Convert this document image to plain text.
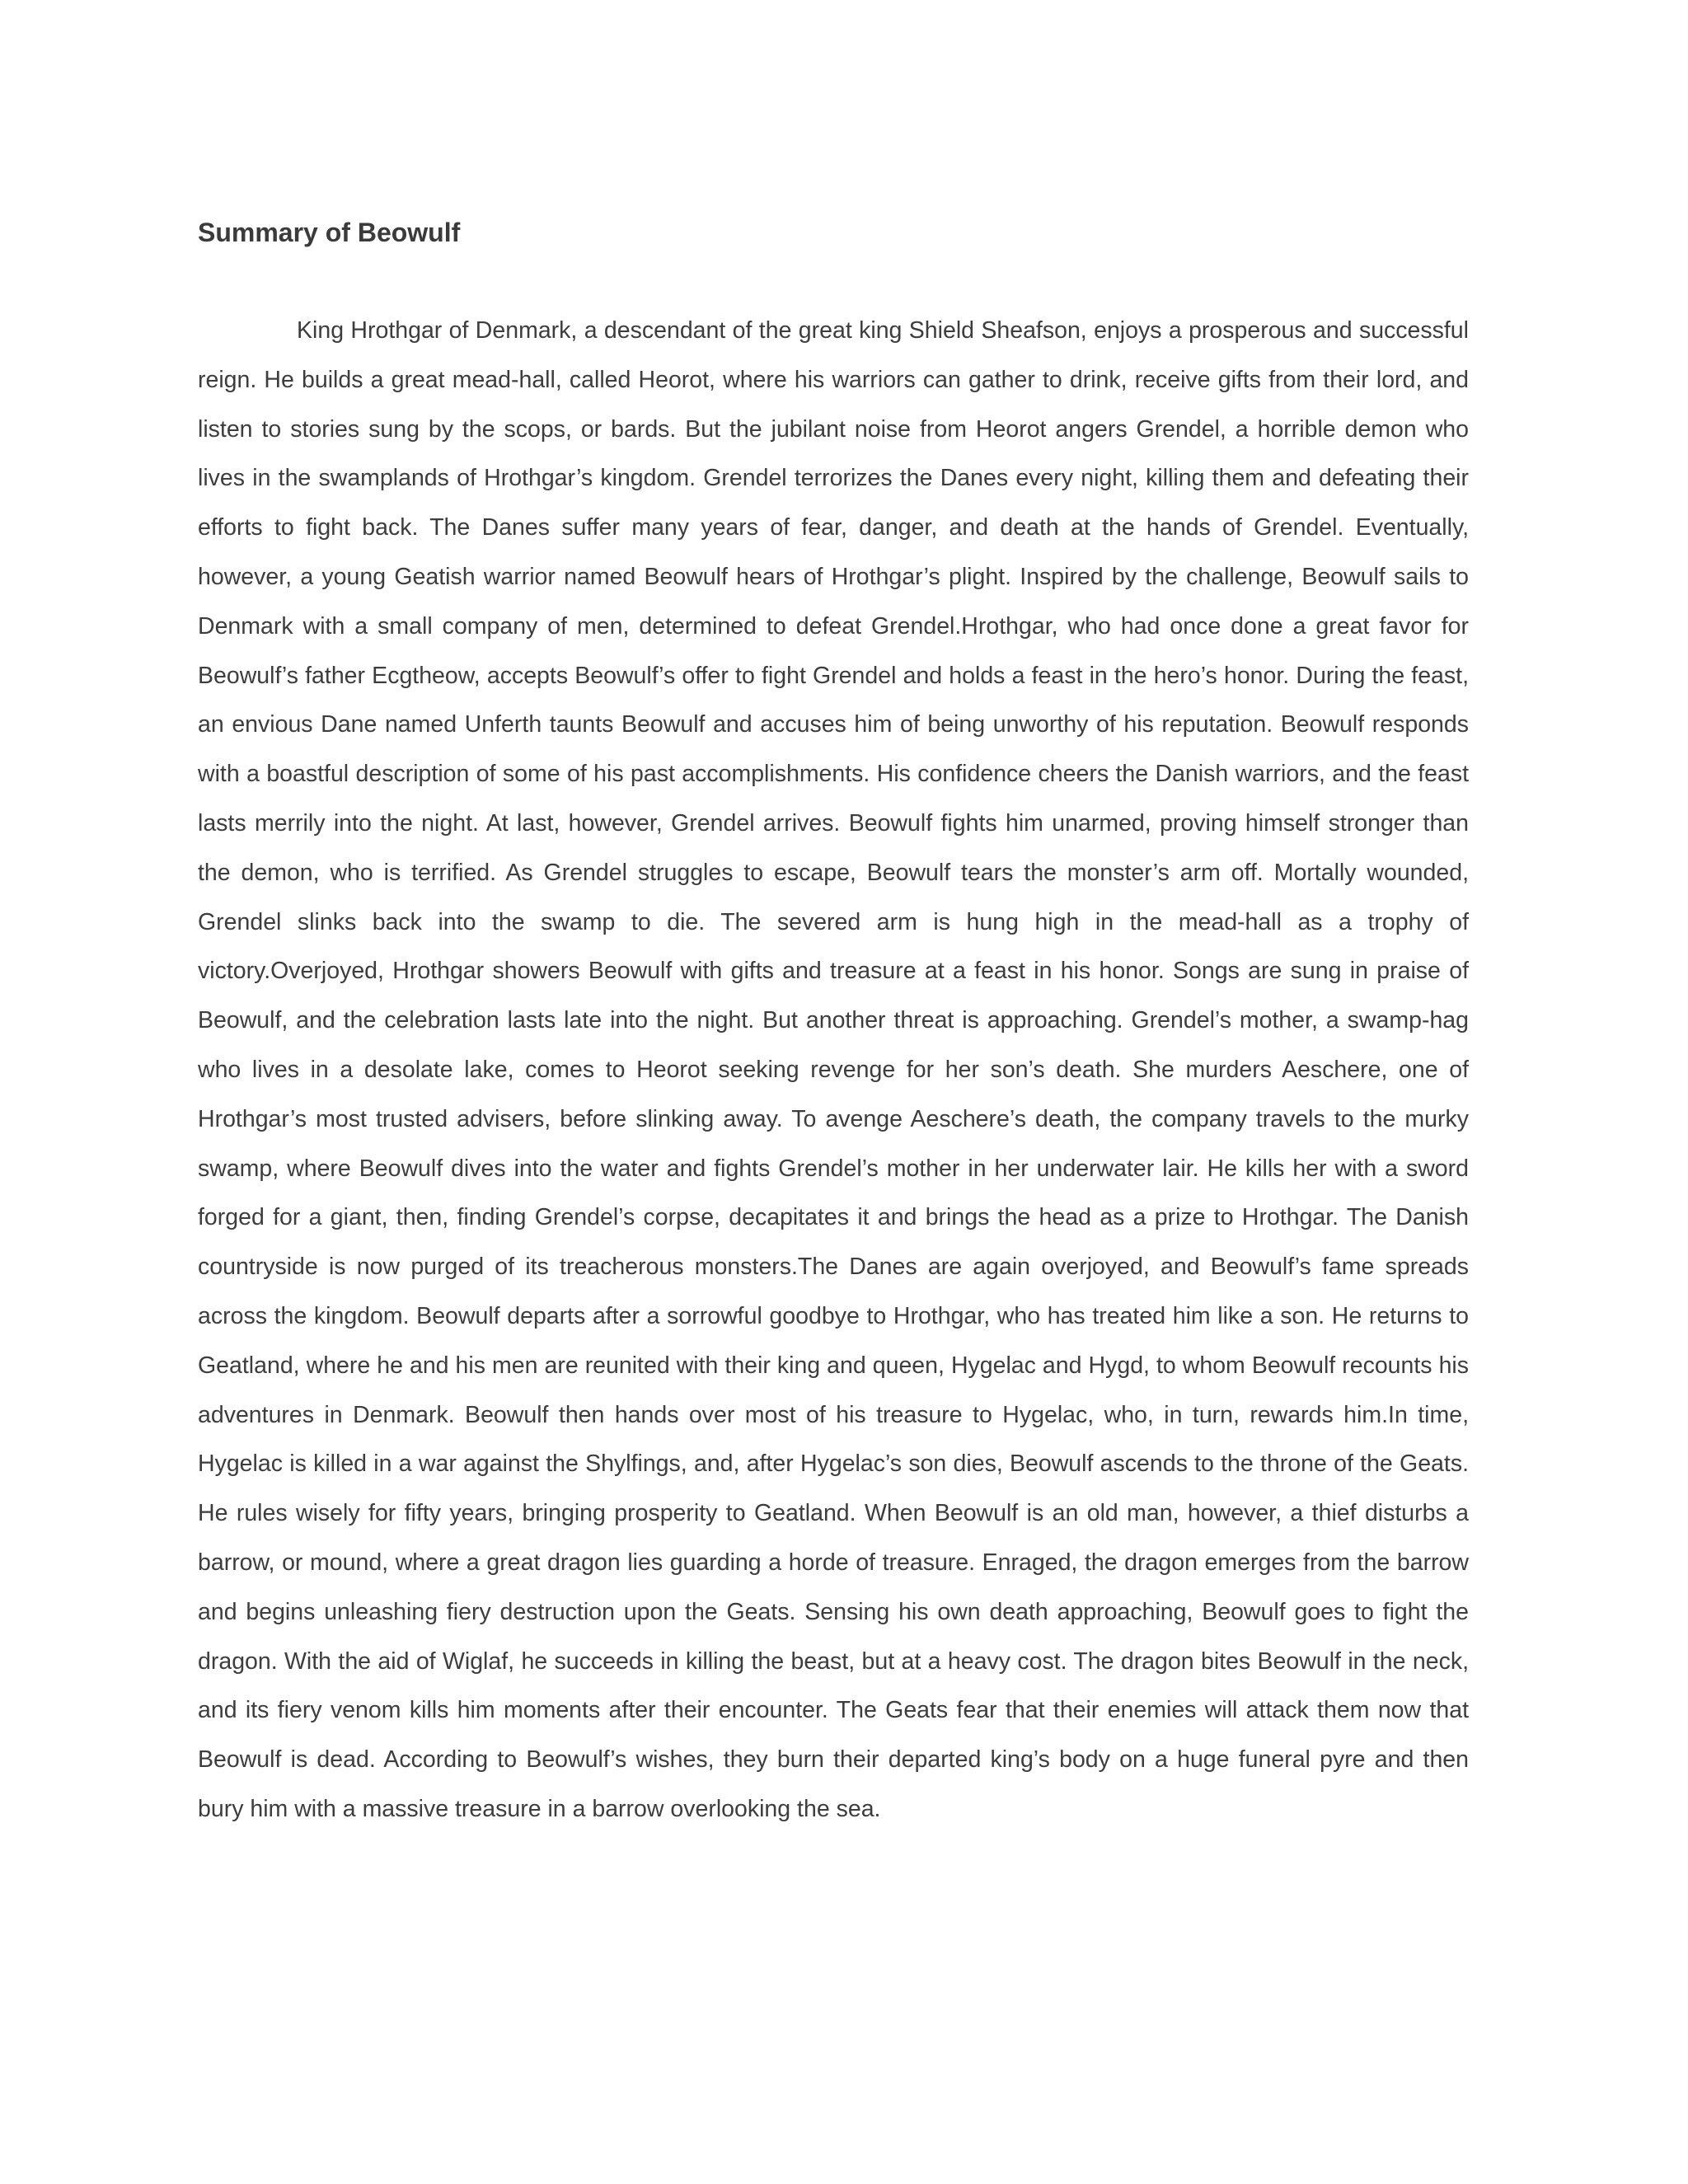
Summary of Beowulf

King Hrothgar of Denmark, a descendant of the great king Shield Sheafson, enjoys a prosperous and successful reign. He builds a great mead-hall, called Heorot, where his warriors can gather to drink, receive gifts from their lord, and listen to stories sung by the scops, or bards. But the jubilant noise from Heorot angers Grendel, a horrible demon who lives in the swamplands of Hrothgar’s kingdom. Grendel terrorizes the Danes every night, killing them and defeating their efforts to fight back. The Danes suffer many years of fear, danger, and death at the hands of Grendel. Eventually, however, a young Geatish warrior named Beowulf hears of Hrothgar’s plight. Inspired by the challenge, Beowulf sails to Denmark with a small company of men, determined to defeat Grendel.Hrothgar, who had once done a great favor for Beowulf’s father Ecgtheow, accepts Beowulf’s offer to fight Grendel and holds a feast in the hero’s honor. During the feast, an envious Dane named Unferth taunts Beowulf and accuses him of being unworthy of his reputation. Beowulf responds with a boastful description of some of his past accomplishments. His confidence cheers the Danish warriors, and the feast lasts merrily into the night. At last, however, Grendel arrives. Beowulf fights him unarmed, proving himself stronger than the demon, who is terrified. As Grendel struggles to escape, Beowulf tears the monster’s arm off. Mortally wounded, Grendel slinks back into the swamp to die. The severed arm is hung high in the mead-hall as a trophy of victory.Overjoyed, Hrothgar showers Beowulf with gifts and treasure at a feast in his honor. Songs are sung in praise of Beowulf, and the celebration lasts late into the night. But another threat is approaching. Grendel’s mother, a swamp-hag who lives in a desolate lake, comes to Heorot seeking revenge for her son’s death. She murders Aeschere, one of Hrothgar’s most trusted advisers, before slinking away. To avenge Aeschere’s death, the company travels to the murky swamp, where Beowulf dives into the water and fights Grendel’s mother in her underwater lair. He kills her with a sword forged for a giant, then, finding Grendel’s corpse, decapitates it and brings the head as a prize to Hrothgar. The Danish countryside is now purged of its treacherous monsters.The Danes are again overjoyed, and Beowulf’s fame spreads across the kingdom. Beowulf departs after a sorrowful goodbye to Hrothgar, who has treated him like a son. He returns to Geatland, where he and his men are reunited with their king and queen, Hygelac and Hygd, to whom Beowulf recounts his adventures in Denmark. Beowulf then hands over most of his treasure to Hygelac, who, in turn, rewards him.In time, Hygelac is killed in a war against the Shylfings, and, after Hygelac’s son dies, Beowulf ascends to the throne of the Geats. He rules wisely for fifty years, bringing prosperity to Geatland. When Beowulf is an old man, however, a thief disturbs a barrow, or mound, where a great dragon lies guarding a horde of treasure. Enraged, the dragon emerges from the barrow and begins unleashing fiery destruction upon the Geats. Sensing his own death approaching, Beowulf goes to fight the dragon. With the aid of Wiglaf, he succeeds in killing the beast, but at a heavy cost. The dragon bites Beowulf in the neck, and its fiery venom kills him moments after their encounter. The Geats fear that their enemies will attack them now that Beowulf is dead. According to Beowulf’s wishes, they burn their departed king’s body on a huge funeral pyre and then bury him with a massive treasure in a barrow overlooking the sea.
